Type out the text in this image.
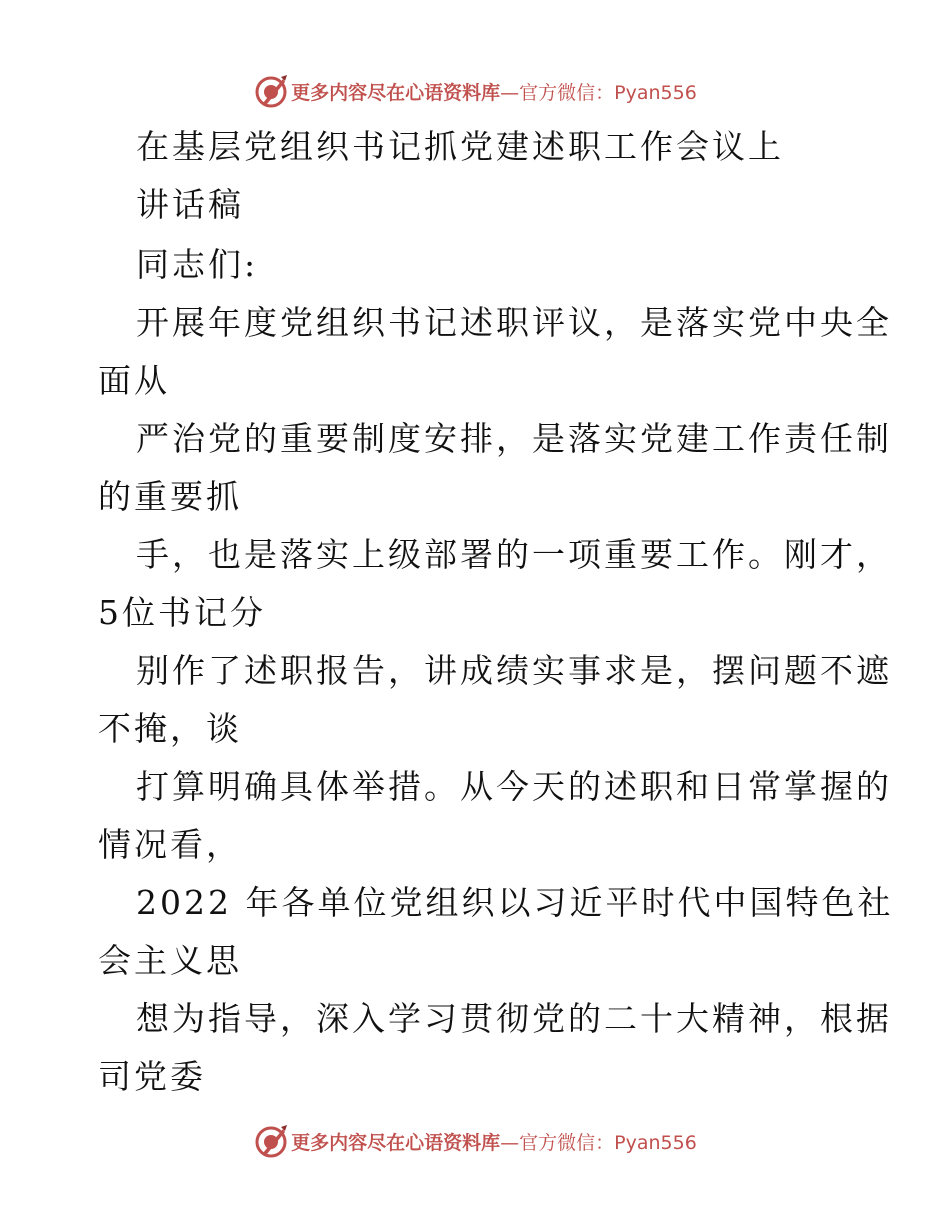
更多内容尽在心语资料库—官方微信：Pyan556
在基层党组织书记抓党建述职工作会议上
讲话稿
同志们:
开展年度党组织书记述职评议，是落实党中央全
面从
严治党的重要制度安排，是落实党建工作责任制
的重要抓
手，也是落实上级部署的一项重要工作。刚才，
5位书记分
别作了述职报告，讲成绩实事求是，摆问题不遮
不掩，谈
打算明确具体举措。从今天的述职和日常掌握的
情况看，
2022 年各单位党组织以习近平时代中国特色社
会主义思
想为指导，深入学习贯彻党的二十大精神，根据
司党委
更多内容尽在心语资料库—官方微信：Pyan556
